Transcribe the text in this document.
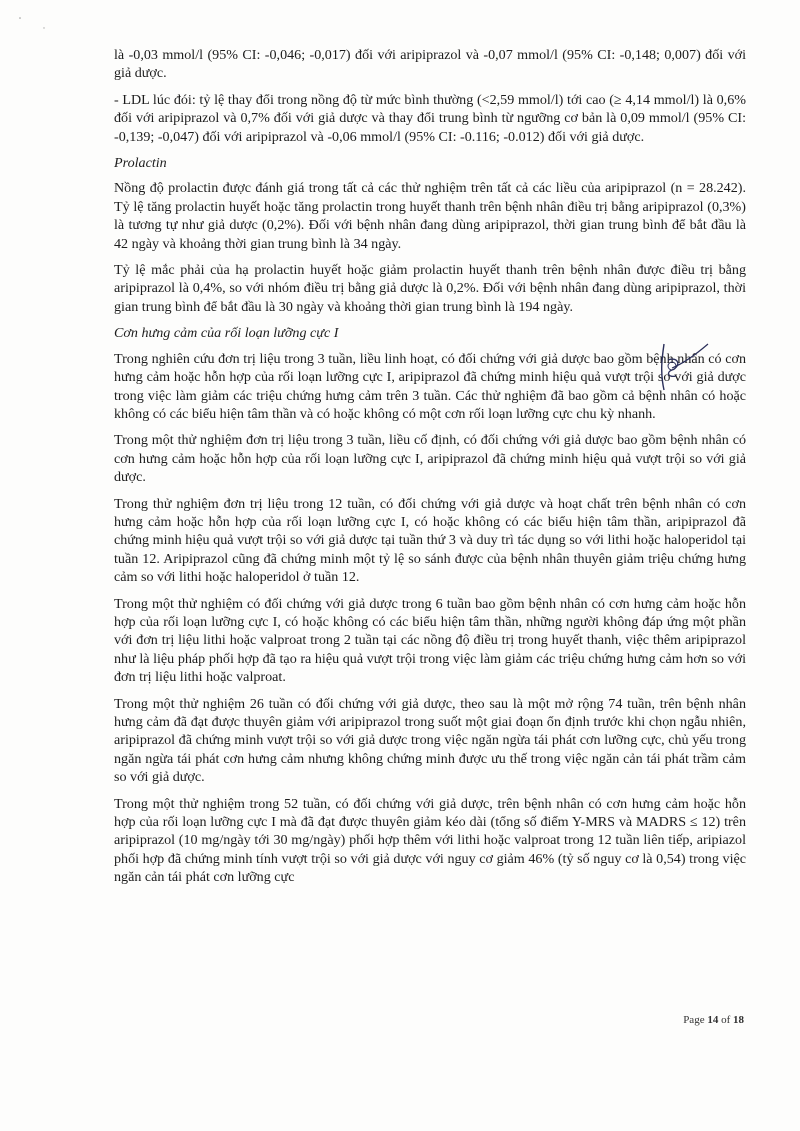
là -0,03 mmol/l (95% CI: -0,046; -0,017) đối với aripiprazol và -0,07 mmol/l (95% CI: -0,148; 0,007) đối với giả dược.

- LDL lúc đói: tỷ lệ thay đổi trong nồng độ từ mức bình thường (<2,59 mmol/l) tới cao (≥ 4,14 mmol/l) là 0,6% đối với aripiprazol và 0,7% đối với giả dược và thay đổi trung bình từ ngưỡng cơ bản là 0,09 mmol/l (95% CI: -0,139; -0,047) đối với aripiprazol và -0,06 mmol/l (95% CI: -0.116; -0.012) đối với giả dược.

Prolactin

Nồng độ prolactin được đánh giá trong tất cả các thử nghiệm trên tất cả các liều của aripiprazol (n = 28.242). Tỷ lệ tăng prolactin huyết hoặc tăng prolactin trong huyết thanh trên bệnh nhân điều trị bằng aripiprazol (0,3%) là tương tự như giả dược (0,2%). Đối với bệnh nhân đang dùng aripiprazol, thời gian trung bình để bắt đầu là 42 ngày và khoảng thời gian trung bình là 34 ngày.

Tỷ lệ mắc phải của hạ prolactin huyết hoặc giảm prolactin huyết thanh trên bệnh nhân được điều trị bằng aripiprazol là 0,4%, so với nhóm điều trị bằng giả dược là 0,2%. Đối với bệnh nhân đang dùng aripiprazol, thời gian trung bình để bắt đầu là 30 ngày và khoảng thời gian trung bình là 194 ngày.

Cơn hưng cảm của rối loạn lưỡng cực I

Trong nghiên cứu đơn trị liệu trong 3 tuần, liều linh hoạt, có đối chứng với giả dược bao gồm bệnh nhân có cơn hưng cảm hoặc hỗn hợp của rối loạn lưỡng cực I, aripiprazol đã chứng minh hiệu quả vượt trội so với giả dược trong việc làm giảm các triệu chứng hưng cảm trên 3 tuần. Các thử nghiệm đã bao gồm cả bệnh nhân có hoặc không có các biểu hiện tâm thần và có hoặc không có một cơn rối loạn lưỡng cực chu kỳ nhanh.

Trong một thử nghiệm đơn trị liệu trong 3 tuần, liều cố định, có đối chứng với giả dược bao gồm bệnh nhân có cơn hưng cảm hoặc hỗn hợp của rối loạn lưỡng cực I, aripiprazol đã chứng minh hiệu quả vượt trội so với giả dược.

Trong thử nghiệm đơn trị liệu trong 12 tuần, có đối chứng với giả dược và hoạt chất trên bệnh nhân có cơn hưng cảm hoặc hỗn hợp của rối loạn lưỡng cực I, có hoặc không có các biểu hiện tâm thần, aripiprazol đã chứng minh hiệu quả vượt trội so với giả dược tại tuần thứ 3 và duy trì tác dụng so với lithi hoặc haloperidol tại tuần 12. Aripiprazol cũng đã chứng minh một tỷ lệ so sánh được của bệnh nhân thuyên giảm triệu chứng hưng cảm so với lithi hoặc haloperidol ở tuần 12.

Trong một thử nghiệm có đối chứng với giả dược trong 6 tuần bao gồm bệnh nhân có cơn hưng cảm hoặc hỗn hợp của rối loạn lưỡng cực I, có hoặc không có các biểu hiện tâm thần, những người không đáp ứng một phần với đơn trị liệu lithi hoặc valproat trong 2 tuần tại các nồng độ điều trị trong huyết thanh, việc thêm aripiprazol như là liệu pháp phối hợp đã tạo ra hiệu quả vượt trội trong việc làm giảm các triệu chứng hưng cảm hơn so với đơn trị liệu lithi hoặc valproat.

Trong một thử nghiệm 26 tuần có đối chứng với giả dược, theo sau là một mở rộng 74 tuần, trên bệnh nhân hưng cảm đã đạt được thuyên giảm với aripiprazol trong suốt một giai đoạn ổn định trước khi chọn ngẫu nhiên, aripiprazol đã chứng minh vượt trội so với giả dược trong việc ngăn ngừa tái phát cơn lưỡng cực, chủ yếu trong ngăn ngừa tái phát cơn hưng cảm nhưng không chứng minh được ưu thế trong việc ngăn cản tái phát trầm cảm so với giả dược.

Trong một thử nghiệm trong 52 tuần, có đối chứng với giả dược, trên bệnh nhân có cơn hưng cảm hoặc hỗn hợp của rối loạn lưỡng cực I mà đã đạt được thuyên giảm kéo dài (tổng số điểm Y-MRS và MADRS ≤ 12) trên aripiprazol (10 mg/ngày tới 30 mg/ngày) phối hợp thêm với lithi hoặc valproat trong 12 tuần liên tiếp, aripiazol phối hợp đã chứng minh tính vượt trội so với giả dược với nguy cơ giảm 46% (tỷ số nguy cơ là 0,54) trong việc ngăn cản tái phát cơn lưỡng cực

Page 14 of 18
